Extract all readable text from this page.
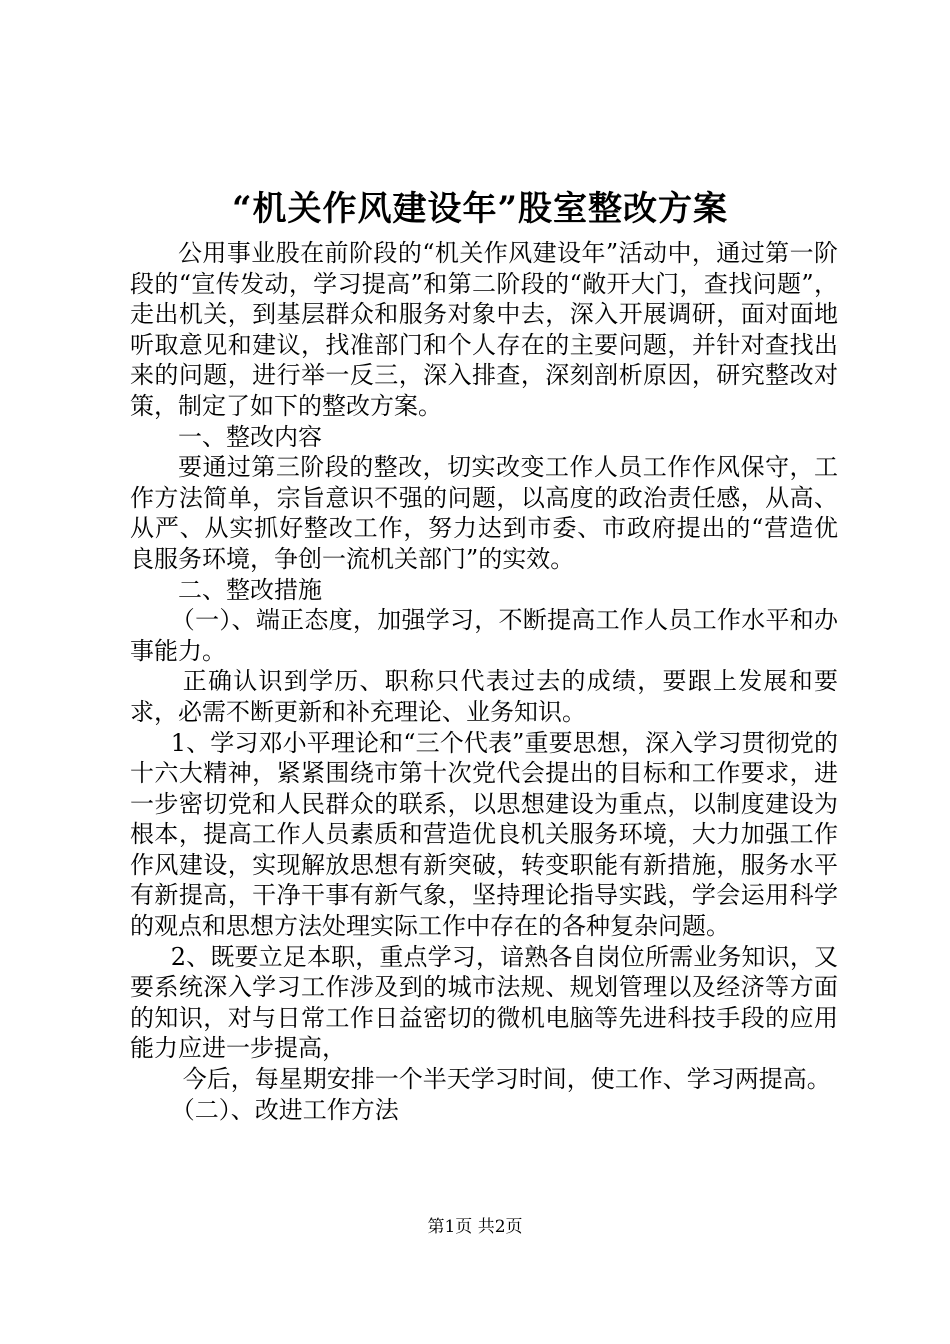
“机关作风建设年”股室整改方案

公用事业股在前阶段的“机关作风建设年”活动中，通过第一阶段的“宣传发动，学习提高”和第二阶段的“敞开大门，查找问题”，走出机关，到基层群众和服务对象中去，深入开展调研，面对面地听取意见和建议，找准部门和个人存在的主要问题，并针对查找出来的问题，进行举一反三，深入排查，深刻剖析原因，研究整改对策，制定了如下的整改方案。

一、整改内容

要通过第三阶段的整改，切实改变工作人员工作作风保守，工作方法简单，宗旨意识不强的问题，以高度的政治责任感，从高、从严、从实抓好整改工作，努力达到市委、市政府提出的“营造优良服务环境，争创一流机关部门”的实效。

二、整改措施

（一）、端正态度，加强学习，不断提高工作人员工作水平和办事能力。

正确认识到学历、职称只代表过去的成绩，要跟上发展和要求，必需不断更新和补充理论、业务知识。

1、学习邓小平理论和“三个代表”重要思想，深入学习贯彻党的十六大精神，紧紧围绕市第十次党代会提出的目标和工作要求，进一步密切党和人民群众的联系，以思想建设为重点，以制度建设为根本，提高工作人员素质和营造优良机关服务环境，大力加强工作作风建设，实现解放思想有新突破，转变职能有新措施，服务水平有新提高，干净干事有新气象，坚持理论指导实践，学会运用科学的观点和思想方法处理实际工作中存在的各种复杂问题。

2、既要立足本职，重点学习，谙熟各自岗位所需业务知识，又要系统深入学习工作涉及到的城市法规、规划管理以及经济等方面的知识，对与日常工作日益密切的微机电脑等先进科技手段的应用能力应进一步提高，

今后，每星期安排一个半天学习时间，使工作、学习两提高。

（二）、改进工作方法

第1页 共2页
